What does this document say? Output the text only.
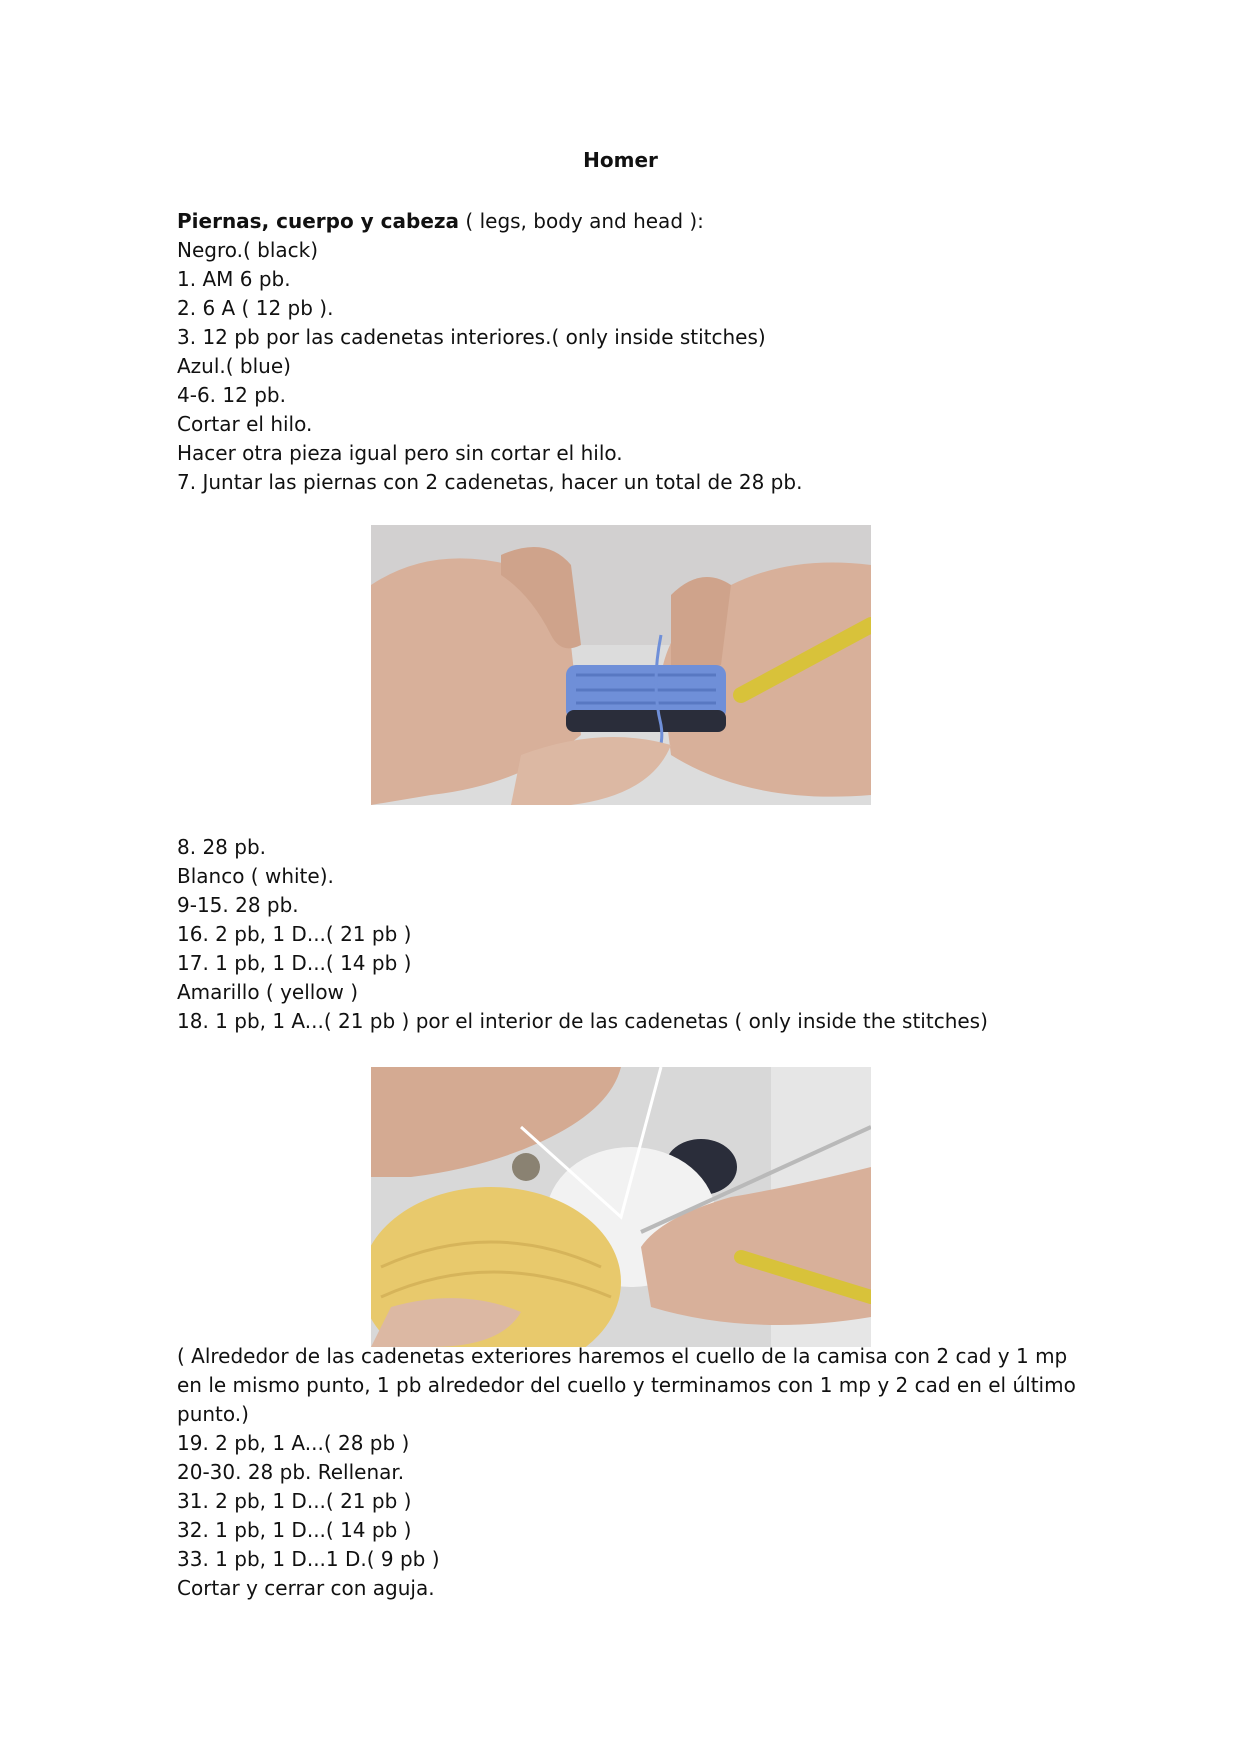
Homer
Piernas, cuerpo y cabeza ( legs, body and head ):
Negro.( black)
1. AM 6 pb.
2. 6 A ( 12 pb ).
3. 12 pb por las cadenetas interiores.( only inside stitches)
Azul.( blue)
4-6. 12 pb.
Cortar el hilo.
Hacer otra pieza igual pero sin cortar el hilo.
7. Juntar las piernas con 2 cadenetas, hacer un total de 28 pb.
8. 28 pb.
Blanco ( white).
9-15. 28 pb.
16. 2 pb, 1 D...( 21 pb )
17. 1 pb, 1 D...( 14 pb )
Amarillo ( yellow )
18. 1 pb, 1 A...( 21 pb ) por el interior de las cadenetas ( only inside the stitches)
( Alrededor de las cadenetas exteriores haremos el cuello de la camisa con 2 cad y 1 mp en le mismo punto, 1 pb alrededor del cuello y terminamos con 1 mp y 2 cad en el último punto.)
19. 2 pb, 1 A...( 28 pb )
20-30. 28 pb. Rellenar.
31. 2 pb, 1 D...( 21 pb )
32. 1 pb, 1 D...( 14 pb )
33. 1 pb, 1 D...1 D.( 9 pb )
Cortar y cerrar con aguja.
